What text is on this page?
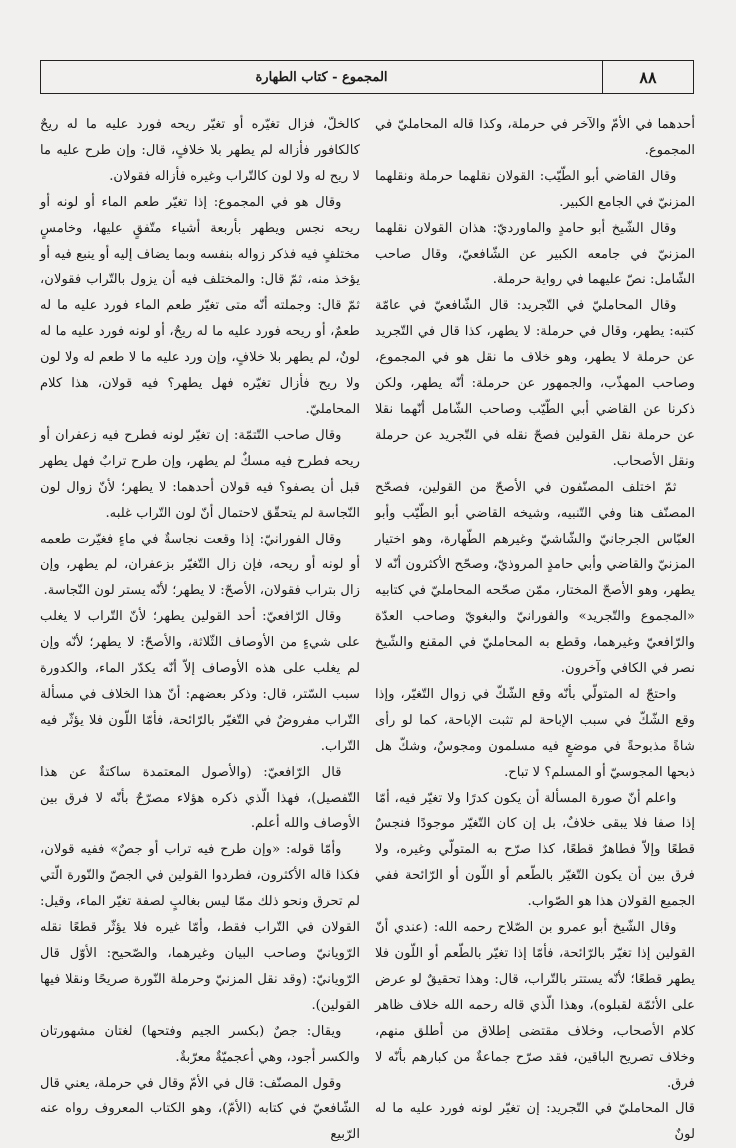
المجموع - كتاب الطهارة	٨٨

أحدهما في الأمّ والآخر في حرملة، وكذا قاله المحامليّ في المجموع.

وقال القاضي أبو الطّيّب: القولان نقلهما حرملة ونقلهما المزنيّ في الجامع الكبير.

وقال الشّيخ أبو حامدٍ والماورديّ: هذان القولان نقلهما المزنيّ في جامعه الكبير عن الشّافعيّ، وقال صاحب الشّامل: نصّ عليهما في رواية حرملة.

وقال المحامليّ في التّجريد: قال الشّافعيّ في عامّة كتبه: يطهر، وقال في حرملة: لا يطهر، كذا قال في التّجريد عن حرملة لا يطهر، وهو خلاف ما نقل هو في المجموع، وصاحب المهذّب، والجمهور عن حرملة: أنّه يطهر، ولكن ذكرنا عن القاضي أبي الطّيّب وصاحب الشّامل أنّهما نقلا عن حرملة نقل القولين فصحّ نقله في التّجريد عن حرملة ونقل الأصحاب.

ثمّ اختلف المصنّفون في الأصحّ من القولين، فصحّح المصنّف هنا وفي التّنبيه، وشيخه القاضي أبو الطّيّب وأبو العبّاس الجرجانيّ والشّاشيّ وغيرهم الطّهارة، وهو اختيار المزنيّ والقاضي وأبي حامدٍ المروذيّ، وصحّح الأكثرون أنّه لا يطهر، وهو الأصحّ المختار، ممّن صحّحه المحامليّ في كتابيه «المجموع والتّجريد» والفورانيّ والبغويّ وصاحب العدّة والرّافعيّ وغيرهما، وقطع به المحامليّ في المقنع والشّيخ نصر في الكافي وآخرون.

واحتجّ له المتولّي بأنّه وقع الشّكّ في زوال التّغيّر، وإذا وقع الشّكّ في سبب الإباحة لم تثبت الإباحة، كما لو رأى شاةً مذبوحةً في موضعٍ فيه مسلمون ومجوسٌ، وشكّ هل ذبحها المجوسيّ أو المسلم؟ لا تباح.

واعلم أنّ صورة المسألة أن يكون كدرًا ولا تغيّر فيه، أمّا إذا صفا فلا يبقى خلافٌ، بل إن كان التّغيّر موجودًا فنجسٌ قطعًا وإلاّ فطاهرٌ قطعًا، كذا صرّح به المتولّي وغيره، ولا فرق بين أن يكون التّغيّر بالطّعم أو اللّون أو الرّائحة ففي الجميع القولان هذا هو الصّواب.

وقال الشّيخ أبو عمرو بن الصّلاح رحمه الله: (عندي أنّ القولين إذا تغيّر بالرّائحة، فأمّا إذا تغيّر بالطّعم أو اللّون فلا يطهر قطعًا؛ لأنّه يستتر بالتّراب، قال: وهذا تحقيقٌ لو عرض على الأئمّة لقبلوه)، وهذا الّذي قاله رحمه الله خلاف ظاهر كلام الأصحاب، وخلاف مقتضى إطلاق من أطلق منهم، وخلاف تصريح الباقين، فقد صرّح جماعةٌ من كبارهم بأنّه لا فرق.

قال المحامليّ في التّجريد: إن تغيّر لونه فورد عليه ما له لونٌ

كالخلّ، فزال تغيّره أو تغيّر ريحه فورد عليه ما له ريحٌ كالكافور فأزاله لم يطهر بلا خلافٍ، قال: وإن طرح عليه ما لا ريح له ولا لون كالتّراب وغيره فأزاله فقولان.

وقال هو في المجموع: إذا تغيّر طعم الماء أو لونه أو ريحه نجس ويطهر بأربعة أشياء متّفقٍ عليها، وخامسٍ مختلفٍ فيه فذكر زواله بنفسه وبما يضاف إليه أو ينبع فيه أو يؤخذ منه، ثمّ قال: والمختلف فيه أن يزول بالتّراب فقولان، ثمّ قال: وجملته أنّه متى تغيّر طعم الماء فورد عليه ما له طعمٌ، أو ريحه فورد عليه ما له ريحٌ، أو لونه فورد عليه ما له لونٌ، لم يطهر بلا خلافٍ، وإن ورد عليه ما لا طعم له ولا لون ولا ريح فأزال تغيّره فهل يطهر؟ فيه قولان، هذا كلام المحامليّ.

وقال صاحب التّتمّة: إن تغيّر لونه فطرح فيه زعفران أو ريحه فطرح فيه مسكٌ لم يطهر، وإن طرح ترابٌ فهل يطهر قبل أن يصفو؟ فيه قولان أحدهما: لا يطهر؛ لأنّ زوال لون النّجاسة لم يتحقّق لاحتمال أنّ لون التّراب غلبه.

وقال الفورانيّ: إذا وقعت نجاسةٌ في ماءٍ فغيّرت طعمه أو لونه أو ريحه، فإن زال التّغيّر بزعفران، لم يطهر، وإن زال بتراب فقولان، الأصحّ: لا يطهر؛ لأنّه يستر لون النّجاسة.

وقال الرّافعيّ: أحد القولين يطهر؛ لأنّ التّراب لا يغلب على شيءٍ من الأوصاف الثّلاثة، والأصحّ: لا يطهر؛ لأنّه وإن لم يغلب على هذه الأوصاف إلاّ أنّه يكدّر الماء، والكدورة سبب السّتر، قال: وذكر بعضهم: أنّ هذا الخلاف في مسألة التّراب مفروضٌ في التّغيّر بالرّائحة، فأمّا اللّون فلا يؤثّر فيه التّراب.

قال الرّافعيّ: (والأصول المعتمدة ساكتةٌ عن هذا التّفصيل)، فهذا الّذي ذكره هؤلاء مصرّحٌ بأنّه لا فرق بين الأوصاف والله أعلم.

وأمّا قوله: «وإن طرح فيه تراب أو جصٌ» ففيه قولان، فكذا قاله الأكثرون، فطردوا القولين في الجصّ والنّورة الّتي لم تحرق ونحو ذلك ممّا ليس بغالبٍ لصفة تغيّر الماء، وقيل: القولان في التّراب فقط، وأمّا غيره فلا يؤثّر قطعًا نقله الرّويانيّ وصاحب البيان وغيرهما، والصّحيح: الأوّل قال الرّويانيّ: (وقد نقل المزنيّ وحرملة النّورة صريحًا ونقلا فيها القولين).

ويقال: جصٌ (بكسر الجيم وفتحها) لغتان مشهورتان والكسر أجود، وهي أعجميّةٌ معرّبةٌ.

وقول المصنّف: قال في الأمّ وقال في حرملة، يعني قال الشّافعيّ في كتابه (الأمّ)، وهو الكتاب المعروف رواه عنه الرّبيع
